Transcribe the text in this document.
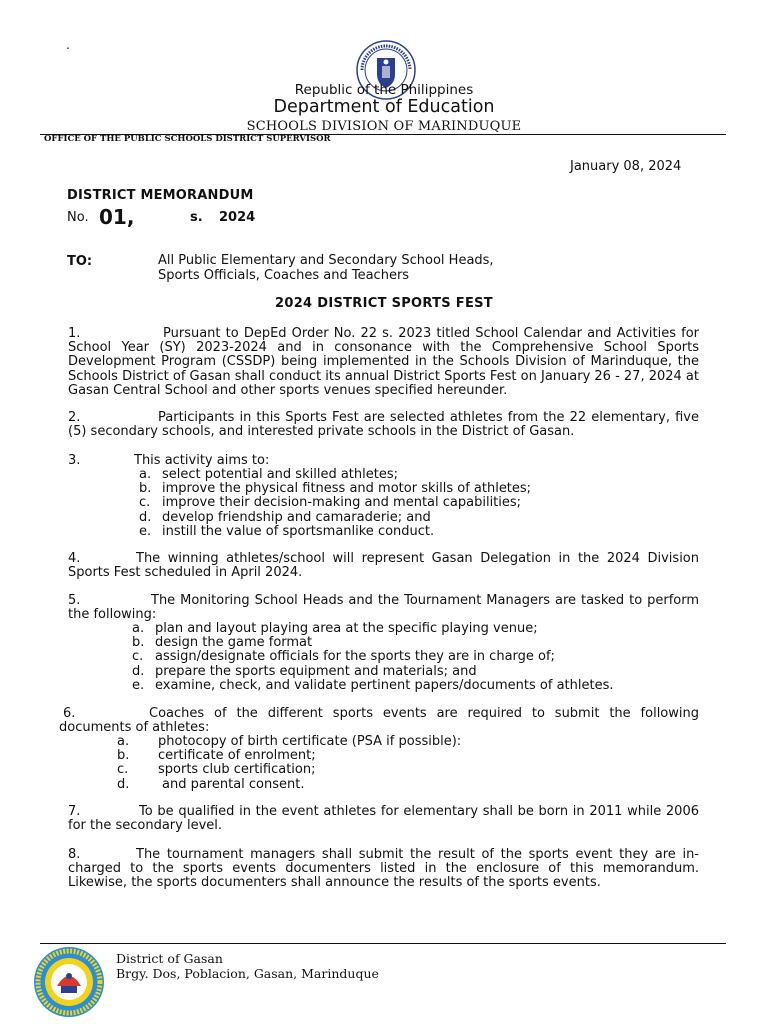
.
Republic of the Philippines
Department of Education
SCHOOLS DIVISION OF MARINDUQUE
OFFICE OF THE PUBLIC SCHOOLS DISTRICT SUPERVISOR
January 08, 2024
DISTRICT MEMORANDUM
No. 01,	s. 2024
TO:	All Public Elementary and Secondary School Heads,
Sports Officials, Coaches and Teachers
2024 DISTRICT SPORTS FEST
1.	Pursuant to DepEd Order No. 22 s. 2023 titled School Calendar and Activities for School Year (SY) 2023-2024 and in consonance with the Comprehensive School Sports Development Program (CSSDP) being implemented in the Schools Division of Marinduque, the Schools District of Gasan shall conduct its annual District Sports Fest on January 26 - 27, 2024 at Gasan Central School and other sports venues specified hereunder.
2.	Participants in this Sports Fest are selected athletes from the 22 elementary, five (5) secondary schools, and interested private schools in the District of Gasan.
3.	This activity aims to:
a. select potential and skilled athletes;
b. improve the physical fitness and motor skills of athletes;
c. improve their decision-making and mental capabilities;
d. develop friendship and camaraderie; and
e. instill the value of sportsmanlike conduct.
4.	The winning athletes/school will represent Gasan Delegation in the 2024 Division Sports Fest scheduled in April 2024.
5.	The Monitoring School Heads and the Tournament Managers are tasked to perform the following:
a. plan and layout playing area at the specific playing venue;
b. design the game format
c. assign/designate officials for the sports they are in charge of;
d. prepare the sports equipment and materials; and
e. examine, check, and validate pertinent papers/documents of athletes.
6.	Coaches of the different sports events are required to submit the following documents of athletes:
a. photocopy of birth certificate (PSA if possible):
b. certificate of enrolment;
c. sports club certification;
d.	and parental consent.
7.	To be qualified in the event athletes for elementary shall be born in 2011 while 2006 for the secondary level.
8.	The tournament managers shall submit the result of the sports event they are in-charged to the sports events documenters listed in the enclosure of this memorandum. Likewise, the sports documenters shall announce the results of the sports events.
District of Gasan
Brgy. Dos, Poblacion, Gasan, Marinduque
